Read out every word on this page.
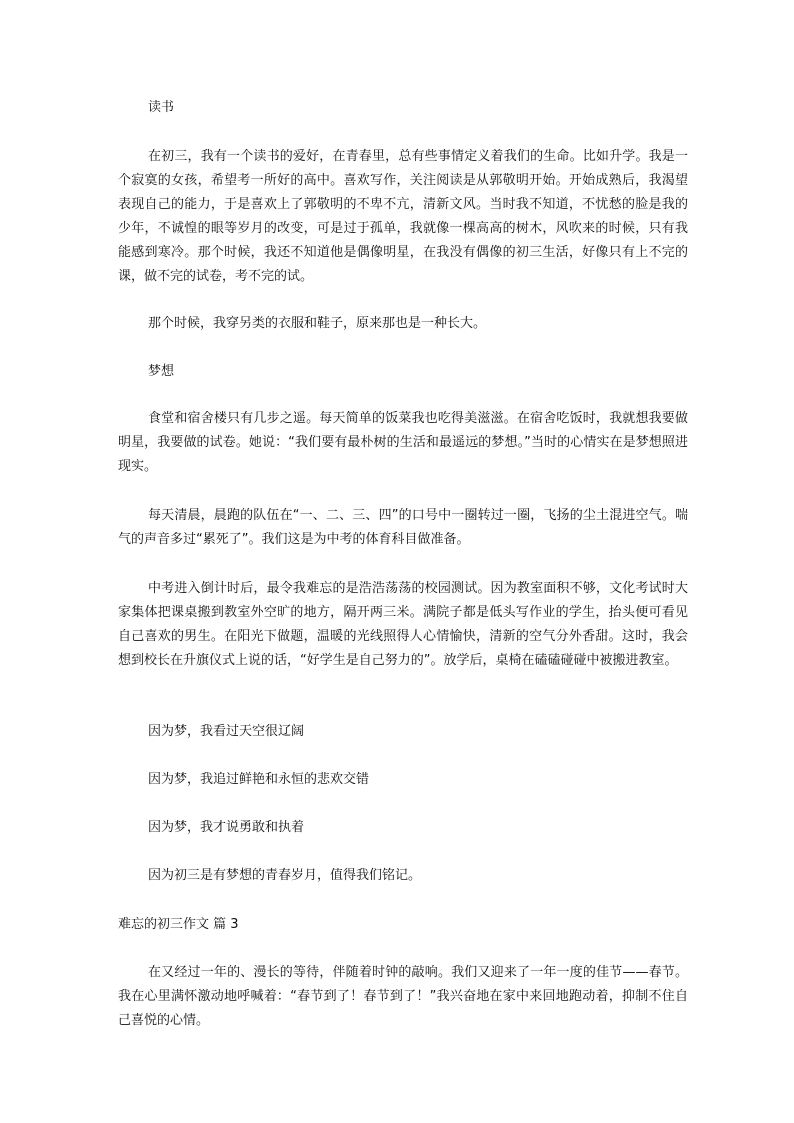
读书

在初三，我有一个读书的爱好，在青春里，总有些事情定义着我们的生命。比如升学。我是一个寂寞的女孩，希望考一所好的高中。喜欢写作，关注阅读是从郭敬明开始。开始成熟后，我渴望表现自己的能力，于是喜欢上了郭敬明的不卑不亢，清新文风。当时我不知道，不忧愁的脸是我的少年，不诚惶的眼等岁月的改变，可是过于孤单，我就像一棵高高的树木，风吹来的时候，只有我能感到寒冷。那个时候，我还不知道他是偶像明星，在我没有偶像的初三生活，好像只有上不完的课，做不完的试卷，考不完的试。

那个时候，我穿另类的衣服和鞋子，原来那也是一种长大。

梦想

食堂和宿舍楼只有几步之遥。每天简单的饭菜我也吃得美滋滋。在宿舍吃饭时，我就想我要做明星，我要做的试卷。她说：“我们要有最朴树的生活和最遥远的梦想。”当时的心情实在是梦想照进现实。

每天清晨，晨跑的队伍在“一、二、三、四”的口号中一圈转过一圈，飞扬的尘土混进空气。喘气的声音多过“累死了”。我们这是为中考的体育科目做准备。

中考进入倒计时后，最令我难忘的是浩浩荡荡的校园测试。因为教室面积不够，文化考试时大家集体把课桌搬到教室外空旷的地方，隔开两三米。满院子都是低头写作业的学生，抬头便可看见自己喜欢的男生。在阳光下做题，温暖的光线照得人心情愉快，清新的空气分外香甜。这时，我会想到校长在升旗仪式上说的话，“好学生是自己努力的”。放学后，桌椅在磕磕碰碰中被搬进教室。

因为梦，我看过天空很辽阔

因为梦，我追过鲜艳和永恒的悲欢交错

因为梦，我才说勇敢和执着

因为初三是有梦想的青春岁月，值得我们铭记。

难忘的初三作文 篇 3

在又经过一年的、漫长的等待，伴随着时钟的敲响。我们又迎来了一年一度的佳节——春节。我在心里满怀激动地呼喊着：“春节到了！春节到了！”我兴奋地在家中来回地跑动着，抑制不住自己喜悦的心情。
